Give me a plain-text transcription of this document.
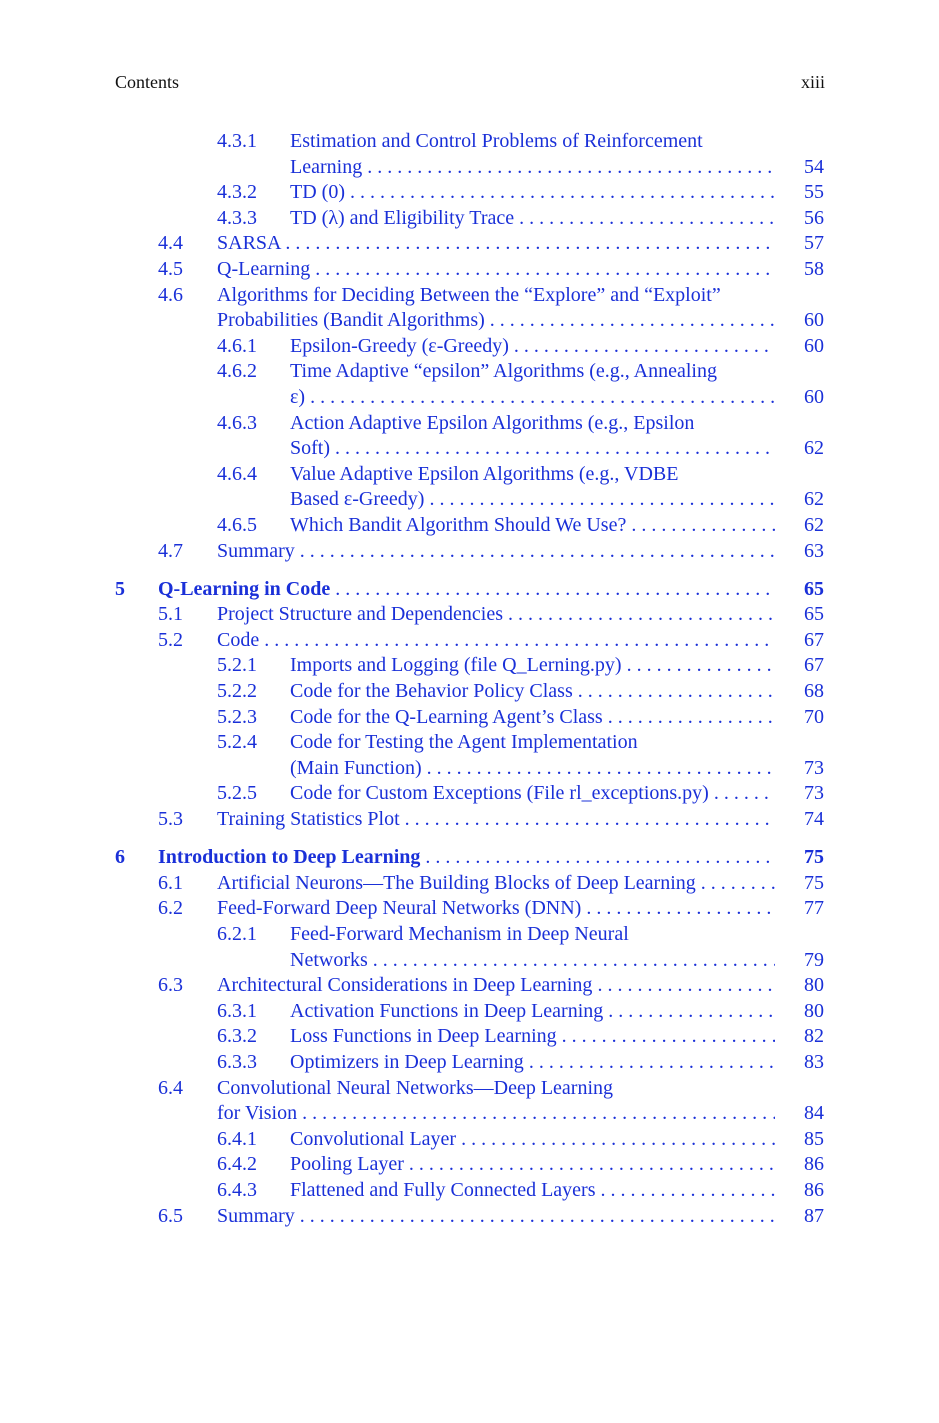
Contents	xiii
4.3.1 Estimation and Control Problems of Reinforcement
Learning . . .	54
4.3.2 TD (0) . . .	55
4.3.3 TD (λ) and Eligibility Trace . . .	56
4.4 SARSA . . .	57
4.5 Q-Learning . . .	58
4.6 Algorithms for Deciding Between the “Explore” and “Exploit”
Probabilities (Bandit Algorithms) . . .	60
4.6.1 Epsilon-Greedy (ε-Greedy) . . .	60
4.6.2 Time Adaptive “epsilon” Algorithms (e.g., Annealing
ε) . . .	60
4.6.3 Action Adaptive Epsilon Algorithms (e.g., Epsilon
Soft) . . .	62
4.6.4 Value Adaptive Epsilon Algorithms (e.g., VDBE
Based ε-Greedy) . . .	62
4.6.5 Which Bandit Algorithm Should We Use? . . .	62
4.7 Summary . . .	63
5 Q-Learning in Code . . .	65
5.1 Project Structure and Dependencies . . .	65
5.2 Code . . .	67
5.2.1 Imports and Logging (file Q_Lerning.py) . . .	67
5.2.2 Code for the Behavior Policy Class . . .	68
5.2.3 Code for the Q-Learning Agent’s Class . . .	70
5.2.4 Code for Testing the Agent Implementation
(Main Function) . . .	73
5.2.5 Code for Custom Exceptions (File rl_exceptions.py) . . .	73
5.3 Training Statistics Plot . . .	74
6 Introduction to Deep Learning . . .	75
6.1 Artificial Neurons—The Building Blocks of Deep Learning . . .	75
6.2 Feed-Forward Deep Neural Networks (DNN) . . .	77
6.2.1 Feed-Forward Mechanism in Deep Neural
Networks . . .	79
6.3 Architectural Considerations in Deep Learning . . .	80
6.3.1 Activation Functions in Deep Learning . . .	80
6.3.2 Loss Functions in Deep Learning . . .	82
6.3.3 Optimizers in Deep Learning . . .	83
6.4 Convolutional Neural Networks—Deep Learning
for Vision . . .	84
6.4.1 Convolutional Layer . . .	85
6.4.2 Pooling Layer . . .	86
6.4.3 Flattened and Fully Connected Layers . . .	86
6.5 Summary . . .	87
